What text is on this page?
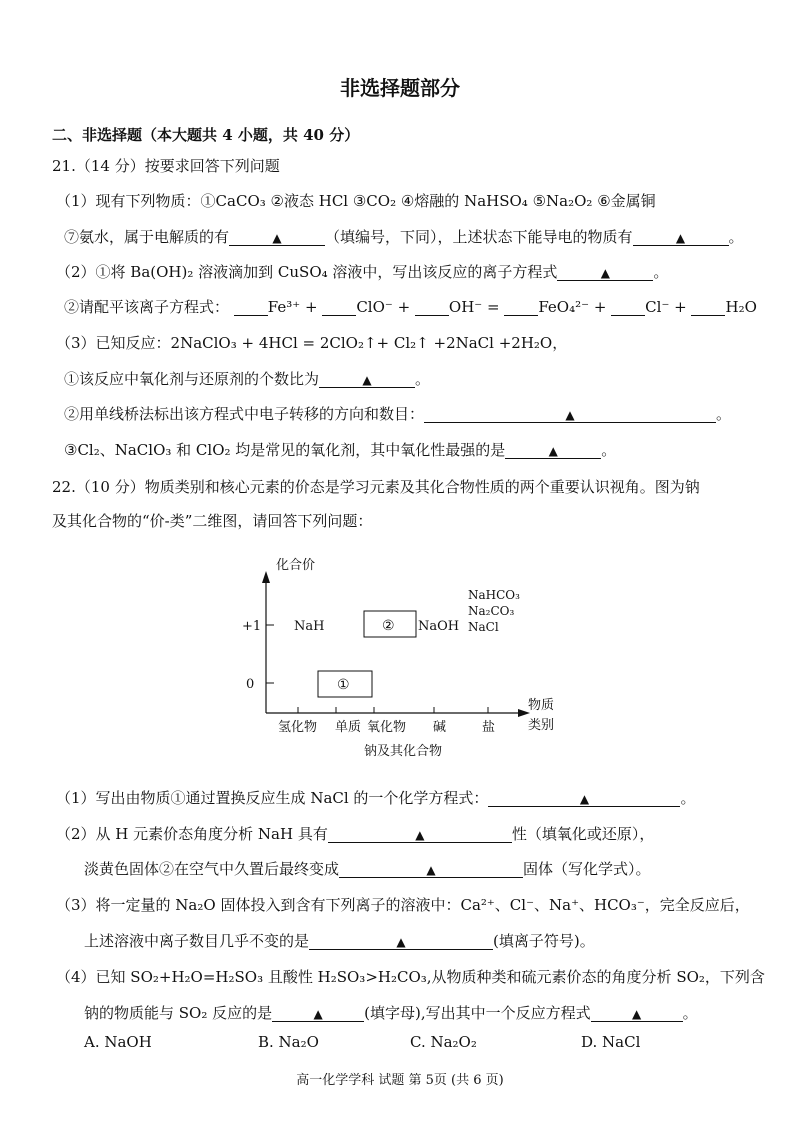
非选择题部分
二、非选择题（本大题共 4 小题，共 40 分）
21.（14 分）按要求回答下列问题
（1）现有下列物质：①CaCO₃ ②液态 HCl ③CO₂ ④熔融的 NaHSO₄ ⑤Na₂O₂ ⑥金属铜
⑦氨水，属于电解质的有	▲	（填编号，下同），上述状态下能导电的物质有	▲	。
（2）①将 Ba(OH)₂ 溶液滴加到 CuSO₄ 溶液中，写出该反应的离子方程式	▲	。
②请配平该离子方程式：	Fe³⁺ +	ClO⁻ +	OH⁻ =	FeO₄²⁻ +	Cl⁻ +	H₂O
（3）已知反应：2NaClO₃ + 4HCl = 2ClO₂↑+ Cl₂↑ +2NaCl +2H₂O，
①该反应中氧化剂与还原剂的个数比为	▲	。
②用单线桥法标出该方程式中电子转移的方向和数目：	▲	。
③Cl₂、NaClO₃ 和 ClO₂ 均是常见的氧化剂，其中氧化性最强的是	▲	。
22.（10 分）物质类别和核心元素的价态是学习元素及其化合物性质的两个重要认识视角。图为钠
及其化合物的“价-类”二维图，请回答下列问题：
+1
0
化合价
氢化物 单质 氧化物 碱	盐
物质 类别
钠及其化合物
NaH	② NaOH
NaHCO₃
Na₂CO₃
NaCl
①
（1）写出由物质①通过置换反应生成 NaCl 的一个化学方程式：	▲	。
（2）从 H 元素价态角度分析 NaH 具有	▲	性（填氧化或还原），
淡黄色固体②在空气中久置后最终变成	▲	固体（写化学式）。
（3）将一定量的 Na₂O 固体投入到含有下列离子的溶液中：Ca²⁺、Cl⁻、Na⁺、HCO₃⁻，完全反应后，
上述溶液中离子数目几乎不变的是	▲	(填离子符号)。
（4）已知 SO₂+H₂O=H₂SO₃ 且酸性 H₂SO₃>H₂CO₃,从物质种类和硫元素价态的角度分析 SO₂，下列含
钠的物质能与 SO₂ 反应的是	▲	(填字母),写出其中一个反应方程式	▲	。
A. NaOH	B. Na₂O	C. Na₂O₂	D. NaCl
高一化学学科 试题 第 5页 (共 6 页)
